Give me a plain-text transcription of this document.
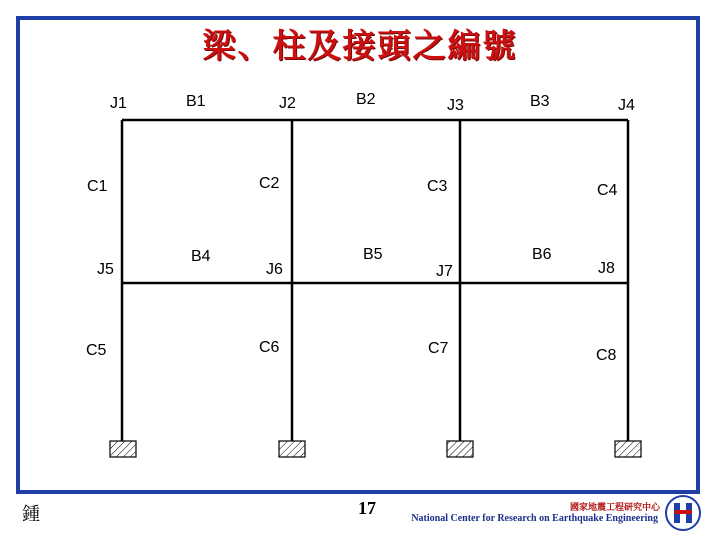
梁、柱及接頭之編號
J1	J2	J3	J4
J5	J6	J7	J8
B1	B2	B3
B4	B5	B6
C1	C2	C3	C4
C5	C6	C7	C8
鍾	17	國家地震工程研究中心
National Center for Research on Earthquake Engineering
